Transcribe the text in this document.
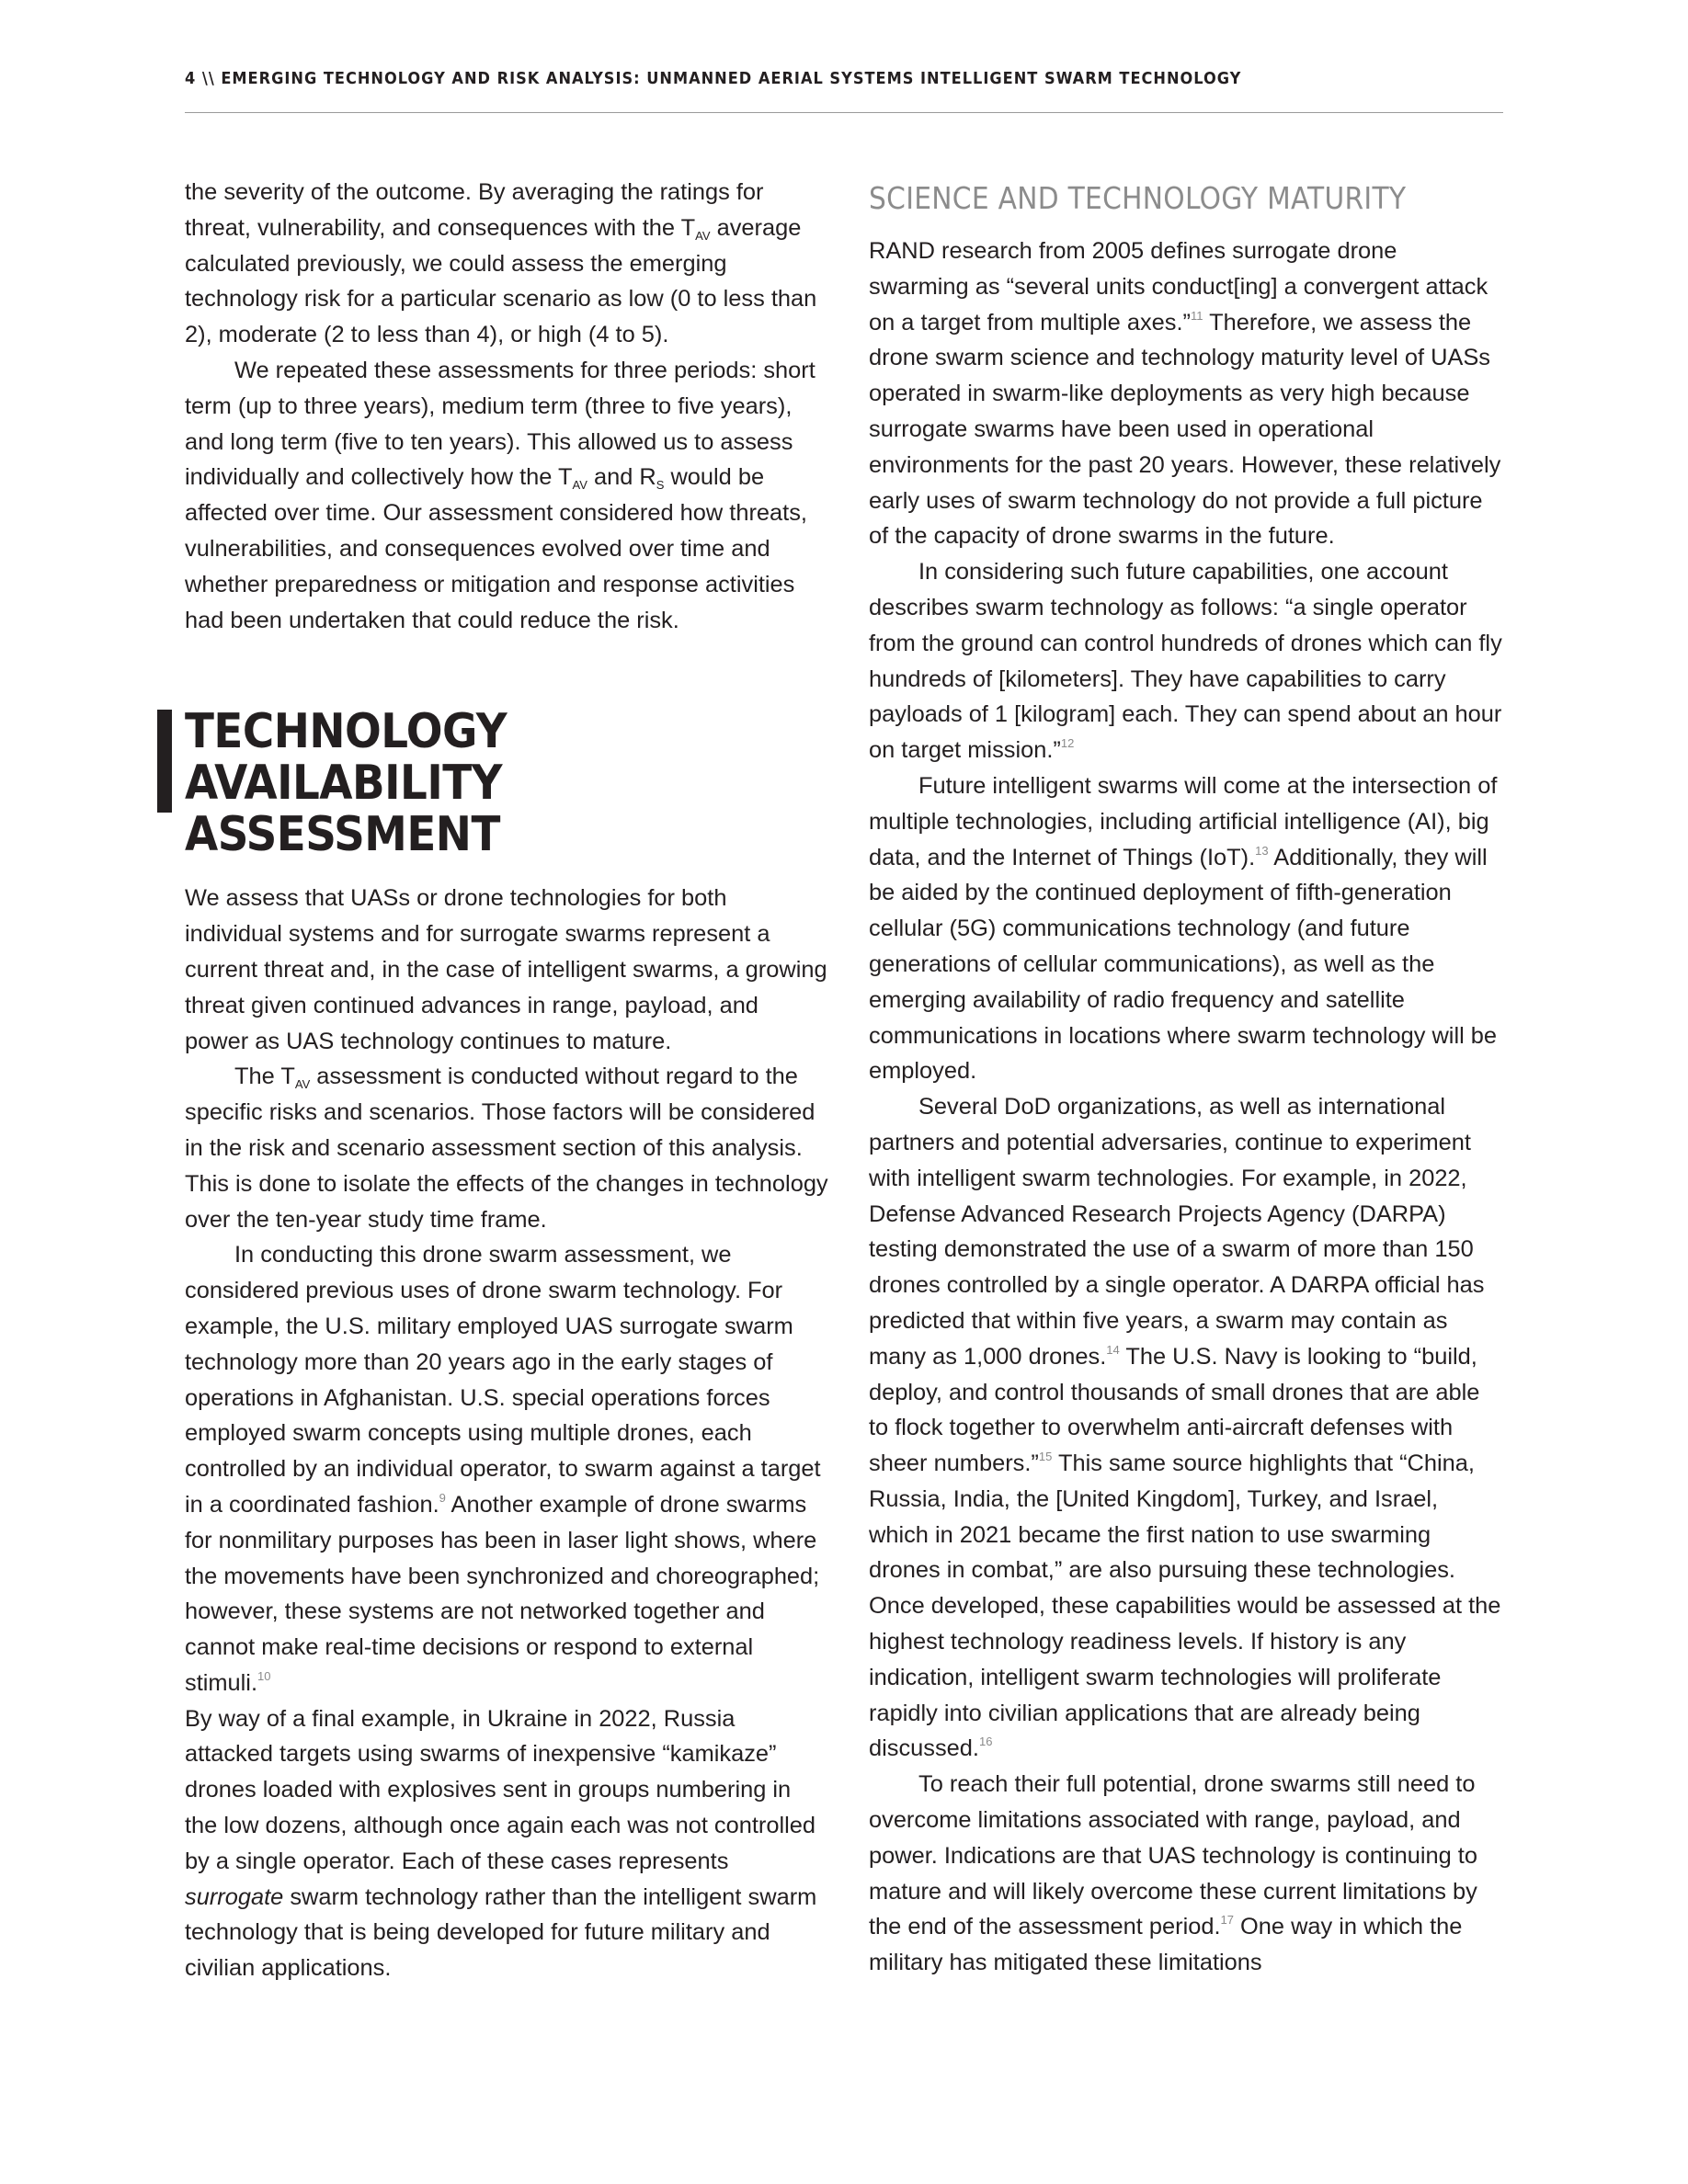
4 \\ EMERGING TECHNOLOGY AND RISK ANALYSIS: UNMANNED AERIAL SYSTEMS INTELLIGENT SWARM TECHNOLOGY

the severity of the outcome. By averaging the ratings for threat, vulnerability, and consequences with the $T_{AV}$ average calculated previously, we could assess the emerging technology risk for a particular scenario as low (0 to less than 2), moderate (2 to less than 4), or high (4 to 5).

We repeated these assessments for three periods: short term (up to three years), medium term (three to five years), and long term (five to ten years). This allowed us to assess individually and collectively how the $T_{AV}$ and $R_S$ would be affected over time. Our assessment considered how threats, vulnerabilities, and consequences evolved over time and whether preparedness or mitigation and response activities had been undertaken that could reduce the risk.

TECHNOLOGY AVAILABILITY
ASSESSMENT

We assess that UASs or drone technologies for both individual systems and for surrogate swarms represent a current threat and, in the case of intelligent swarms, a growing threat given continued advances in range, payload, and power as UAS technology continues to mature.

The $T_{AV}$ assessment is conducted without regard to the specific risks and scenarios. Those factors will be considered in the risk and scenario assessment section of this analysis. This is done to isolate the effects of the changes in technology over the ten-year study time frame.

In conducting this drone swarm assessment, we considered previous uses of drone swarm technology. For example, the U.S. military employed UAS surrogate swarm technology more than 20 years ago in the early stages of operations in Afghanistan. U.S. special operations forces employed swarm concepts using multiple drones, each controlled by an individual operator, to swarm against a target in a coordinated fashion.$^9$ Another example of drone swarms for nonmilitary purposes has been in laser light shows, where the movements have been synchronized and choreographed; however, these systems are not networked together and cannot make real-time decisions or respond to external stimuli.$^{10}$

By way of a final example, in Ukraine in 2022, Russia attacked targets using swarms of inexpensive “kamikaze” drones loaded with explosives sent in groups numbering in the low dozens, although once again each was not controlled by a single operator. Each of these cases represents surrogate swarm technology rather than the intelligent swarm technology that is being developed for future military and civilian applications.

SCIENCE AND TECHNOLOGY MATURITY

RAND research from 2005 defines surrogate drone swarming as “several units conduct[ing] a convergent attack on a target from multiple axes.”$^{11}$ Therefore, we assess the drone swarm science and technology maturity level of UASs operated in swarm-like deployments as very high because surrogate swarms have been used in operational environments for the past 20 years. However, these relatively early uses of swarm technology do not provide a full picture of the capacity of drone swarms in the future.

In considering such future capabilities, one account describes swarm technology as follows: “a single operator from the ground can control hundreds of drones which can fly hundreds of [kilometers]. They have capabilities to carry payloads of 1 [kilogram] each. They can spend about an hour on target mission.”$^{12}$

Future intelligent swarms will come at the intersection of multiple technologies, including artificial intelligence (AI), big data, and the Internet of Things (IoT).$^{13}$ Additionally, they will be aided by the continued deployment of fifth-generation cellular (5G) communications technology (and future generations of cellular communications), as well as the emerging availability of radio frequency and satellite communications in locations where swarm technology will be employed.

Several DoD organizations, as well as international partners and potential adversaries, continue to experiment with intelligent swarm technologies. For example, in 2022, Defense Advanced Research Projects Agency (DARPA) testing demonstrated the use of a swarm of more than 150 drones controlled by a single operator. A DARPA official has predicted that within five years, a swarm may contain as many as 1,000 drones.$^{14}$ The U.S. Navy is looking to “build, deploy, and control thousands of small drones that are able to flock together to overwhelm anti-aircraft defenses with sheer numbers.”$^{15}$ This same source highlights that “China, Russia, India, the [United Kingdom], Turkey, and Israel, which in 2021 became the first nation to use swarming drones in combat,” are also pursuing these technologies. Once developed, these capabilities would be assessed at the highest technology readiness levels. If history is any indication, intelligent swarm technologies will proliferate rapidly into civilian applications that are already being discussed.$^{16}$

To reach their full potential, drone swarms still need to overcome limitations associated with range, payload, and power. Indications are that UAS technology is continuing to mature and will likely overcome these current limitations by the end of the assessment period.$^{17}$ One way in which the military has mitigated these limitations
